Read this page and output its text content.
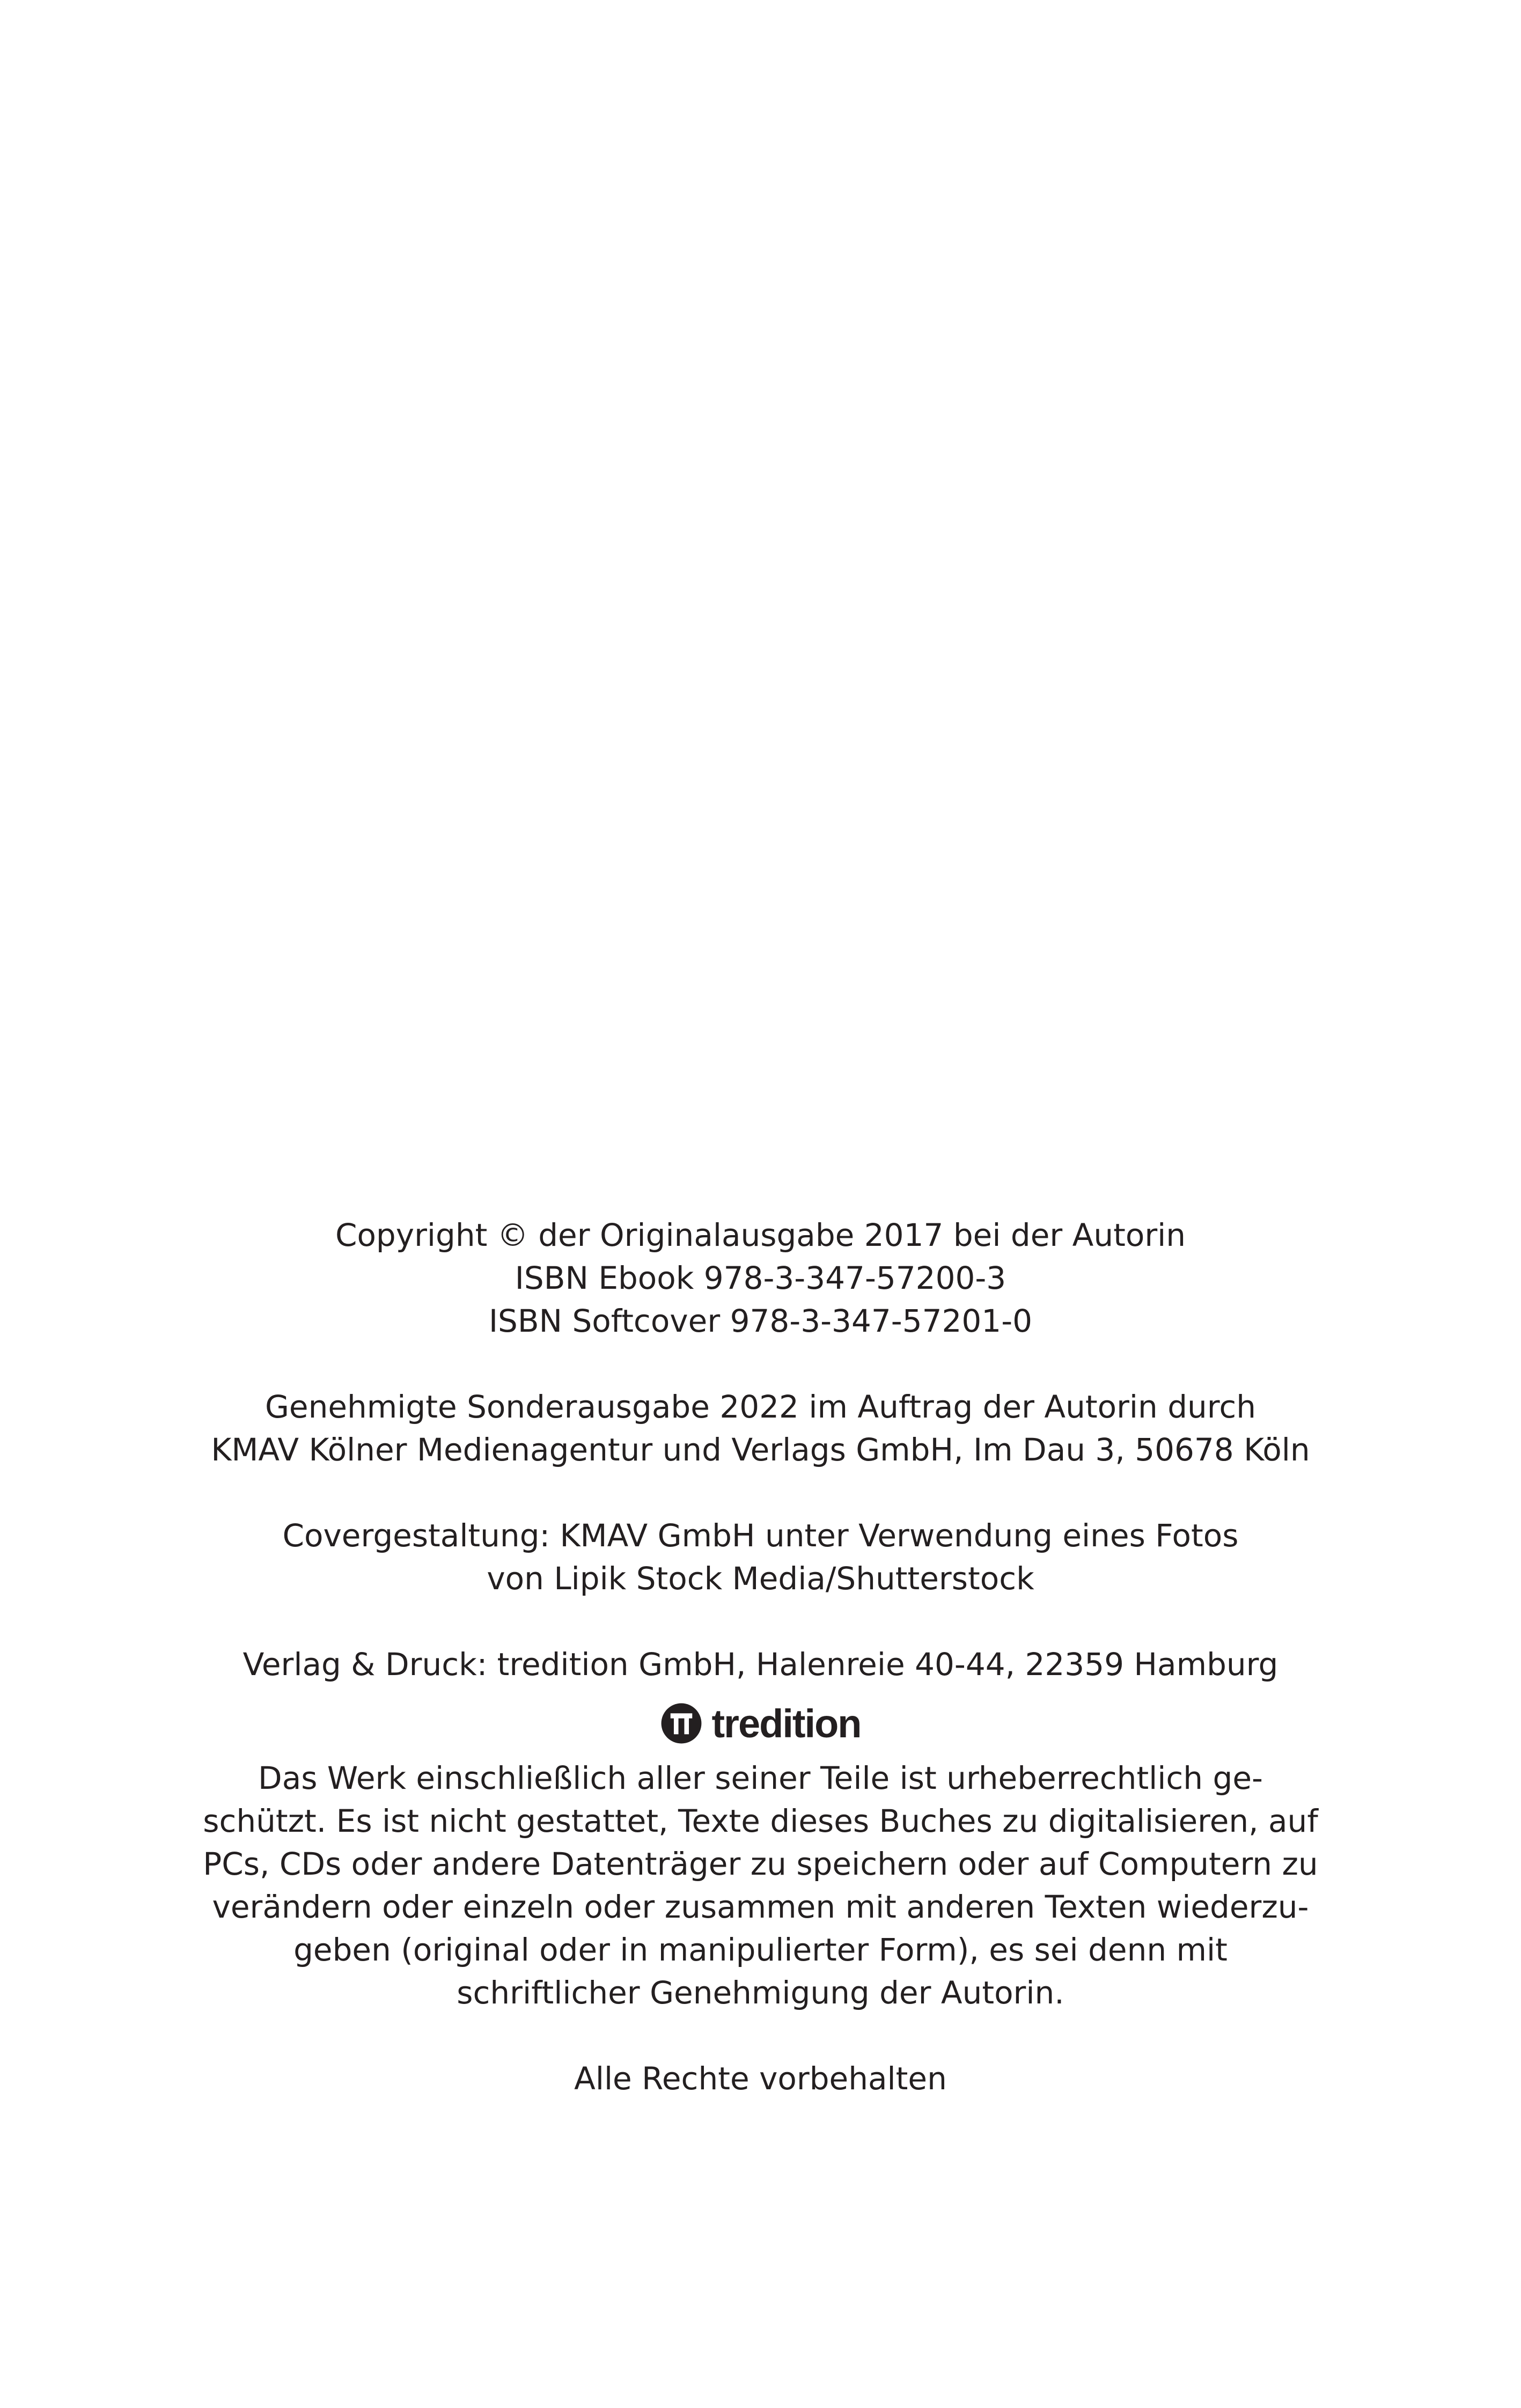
Copyright © der Originalausgabe 2017 bei der Autorin

ISBN Ebook 978-3-347-57200-3

ISBN Softcover 978-3-347-57201-0

Genehmigte Sonderausgabe 2022 im Auftrag der Autorin durch

KMAV Kölner Medienagentur und Verlags GmbH, Im Dau 3, 50678 Köln

Covergestaltung: KMAV GmbH unter Verwendung eines Fotos

von Lipik Stock Media/Shutterstock

Verlag & Druck: tredition GmbH, Halenreie 40-44, 22359 Hamburg

tredition

Das Werk einschließlich aller seiner Teile ist urheberrechtlich ge-

schützt. Es ist nicht gestattet, Texte dieses Buches zu digitalisieren, auf

PCs, CDs oder andere Datenträger zu speichern oder auf Computern zu

verändern oder einzeln oder zusammen mit anderen Texten wiederzu-

geben (original oder in manipulierter Form), es sei denn mit

schriftlicher Genehmigung der Autorin.

Alle Rechte vorbehalten
